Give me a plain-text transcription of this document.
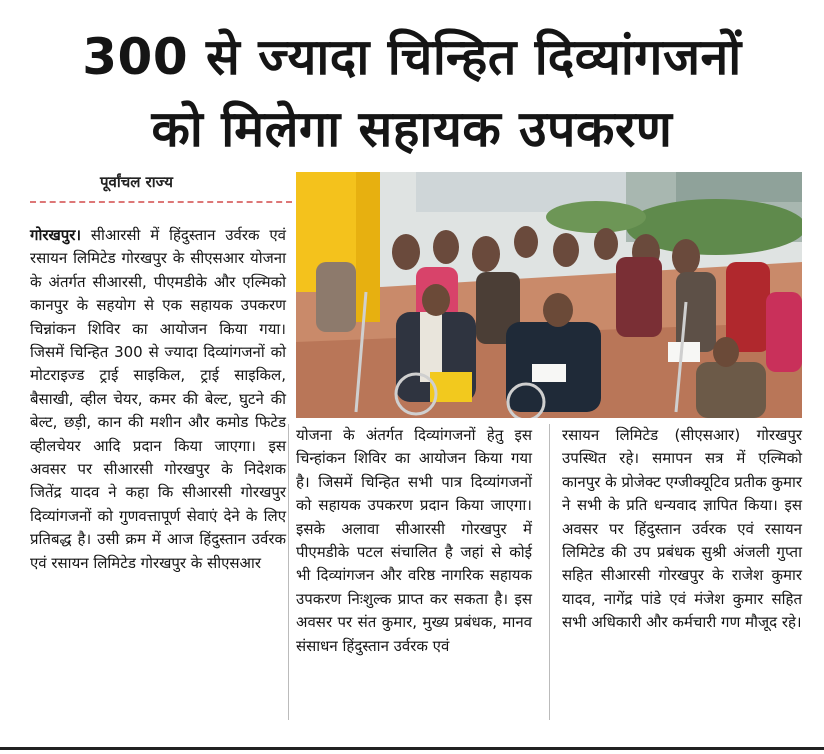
300 से ज्यादा चिन्हित दिव्यांगजनों
को मिलेगा सहायक उपकरण
पूर्वांचल राज्य

गोरखपुर। सीआरसी में हिंदुस्तान उर्वरक एवं रसायन लिमिटेड गोरखपुर के सीएसआर योजना के अंतर्गत सीआरसी, पीएमडीके और एल्मिको कानपुर के सहयोग से एक सहायक उपकरण चिन्नांकन शिविर का आयोजन किया गया। जिसमें चिन्हित 300 से ज्यादा दिव्यांगजनों को मोटराइज्ड ट्राई साइकिल, ट्राई साइकिल, बैसाखी, व्हील चेयर, कमर की बेल्ट, घुटने की बेल्ट, छड़ी, कान की मशीन और कमोड फिटेड व्हीलचेयर आदि प्रदान किया जाएगा। इस अवसर पर सीआरसी गोरखपुर के निदेशक जितेंद्र यादव ने कहा कि सीआरसी गोरखपुर दिव्यांगजनों को गुणवत्तापूर्ण सेवाएं देने के लिए प्रतिबद्ध है। उसी क्रम में आज हिंदुस्तान उर्वरक एवं रसायन लिमिटेड गोरखपुर के सीएसआर

योजना के अंतर्गत दिव्यांगजनों हेतु इस चिन्हांकन शिविर का आयोजन किया गया है। जिसमें चिन्हित सभी पात्र दिव्यांगजनों को सहायक उपकरण प्रदान किया जाएगा। इसके अलावा सीआरसी गोरखपुर में पीएमडीके पटल संचालित है जहां से कोई भी दिव्यांगजन और वरिष्ठ नागरिक सहायक उपकरण निःशुल्क प्राप्त कर सकता है। इस अवसर पर संत कुमार, मुख्य प्रबंधक, मानव संसाधन हिंदुस्तान उर्वरक एवं

रसायन लिमिटेड (सीएसआर) गोरखपुर उपस्थित रहे। समापन सत्र में एल्मिको कानपुर के प्रोजेक्ट एग्जीक्यूटिव प्रतीक कुमार ने सभी के प्रति धन्यवाद ज्ञापित किया। इस अवसर पर हिंदुस्तान उर्वरक एवं रसायन लिमिटेड की उप प्रबंधक सुश्री अंजली गुप्ता सहित सीआरसी गोरखपुर के राजेश कुमार यादव, नागेंद्र पांडे एवं मंजेश कुमार सहित सभी अधिकारी और कर्मचारी गण मौजूद रहे।
